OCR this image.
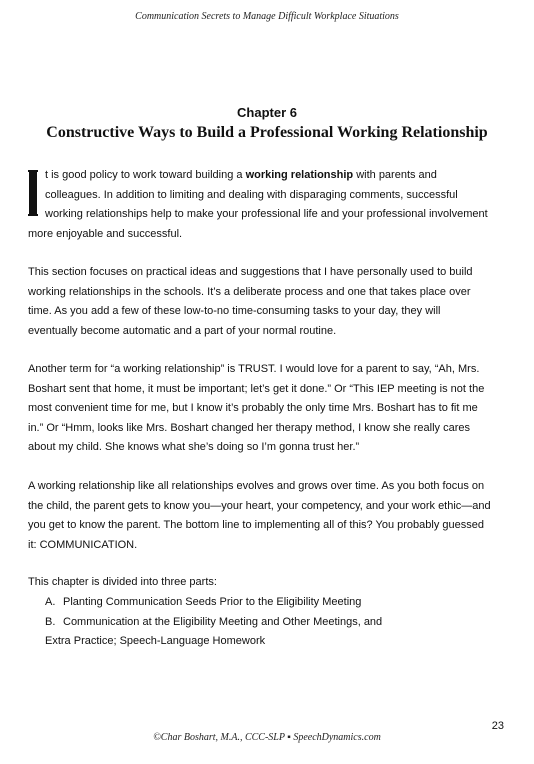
Communication Secrets to Manage Difficult Workplace Situations
Chapter 6
Constructive Ways to Build a Professional Working Relationship
t is good policy to work toward building a working relationship with parents and
colleagues. In addition to limiting and dealing with disparaging comments, successful
working relationships help to make your professional life and your professional involvement
more enjoyable and successful.
This section focuses on practical ideas and suggestions that I have personally used to build
working relationships in the schools. It’s a deliberate process and one that takes place over
time. As you add a few of these low-to-no time-consuming tasks to your day, they will
eventually become automatic and a part of your normal routine.
Another term for “a working relationship” is TRUST. I would love for a parent to say, “Ah, Mrs.
Boshart sent that home, it must be important; let’s get it done.” Or “This IEP meeting is not the
most convenient time for me, but I know it’s probably the only time Mrs. Boshart has to fit me
in.” Or “Hmm, looks like Mrs. Boshart changed her therapy method, I know she really cares
about my child. She knows what she’s doing so I’m gonna trust her.”
A working relationship like all relationships evolves and grows over time. As you both focus on
the child, the parent gets to know you—your heart, your competency, and your work ethic—and
you get to know the parent. The bottom line to implementing all of this? You probably guessed
it: COMMUNICATION.
This chapter is divided into three parts:
A. Planting Communication Seeds Prior to the Eligibility Meeting
B. Communication at the Eligibility Meeting and Other Meetings, and
Extra Practice; Speech-Language Homework
23
©Char Boshart, M.A., CCC-SLP ▪ SpeechDynamics.com
